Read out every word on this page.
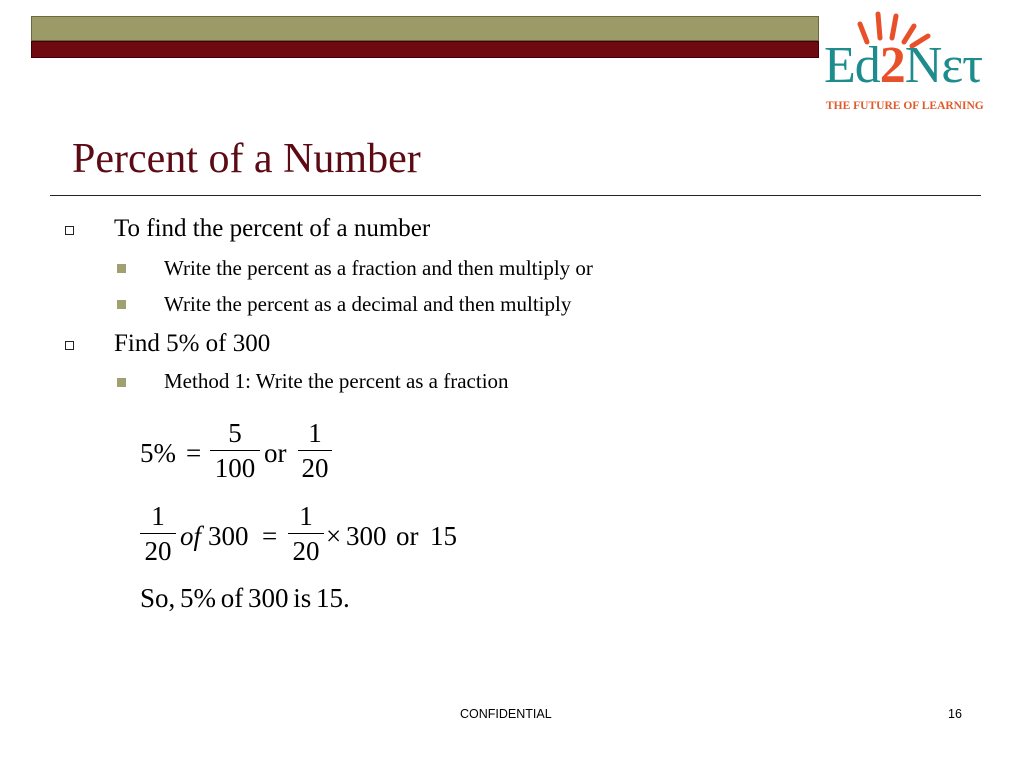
Ed2Nετ
THE FUTURE OF LEARNING
Percent of a Number
To find the percent of a number
Write the percent as a fraction and then multiply or
Write the percent as a decimal and then multiply
Find 5% of 300
Method 1: Write the percent as a fraction
5% =
5
100 or
1
20
1
20 of 300 =
1
20 × 300 or 15
So, 5% of 300 is 15.
CONFIDENTIAL	16
